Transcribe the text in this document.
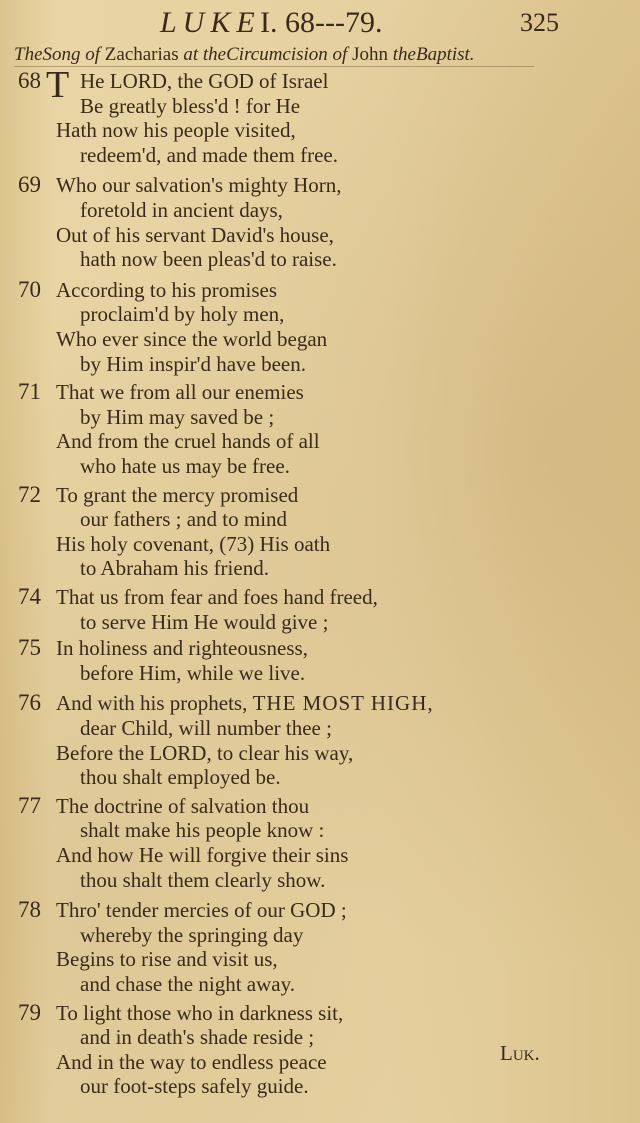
LUKE I. 68---79.	325
TheSong of Zacharias at theCircumcision of John theBaptist.
68 T He LORD, the GOD of Israel
Be greatly bless'd ! for He
Hath now his people visited,
redeem'd, and made them free.
69 Who our salvation's mighty Horn,
foretold in ancient days,
Out of his servant David's house,
hath now been pleas'd to raise.
70 According to his promises
proclaim'd by holy men,
Who ever since the world began
by Him inspir'd have been.
71 That we from all our enemies
by Him may saved be ;
And from the cruel hands of all
who hate us may be free.
72 To grant the mercy promised
our fathers ; and to mind
His holy covenant, (73) His oath
to Abraham his friend.
74 That us from fear and foes hand freed,
to serve Him He would give ;
75 In holiness and righteousness,
before Him, while we live.
76 And with his prophets, THE MOST HIGH,
dear Child, will number thee ;
Before the LORD, to clear his way,
thou shalt employed be.
77 The doctrine of salvation thou
shalt make his people know :
And how He will forgive their sins
thou shalt them clearly show.
78 Thro' tender mercies of our GOD ;
whereby the springing day
Begins to rise and visit us,
and chase the night away.
79 To light those who in darkness sit,
and in death's shade reside ;
And in the way to endless peace
our foot-steps safely guide.
Luk.
